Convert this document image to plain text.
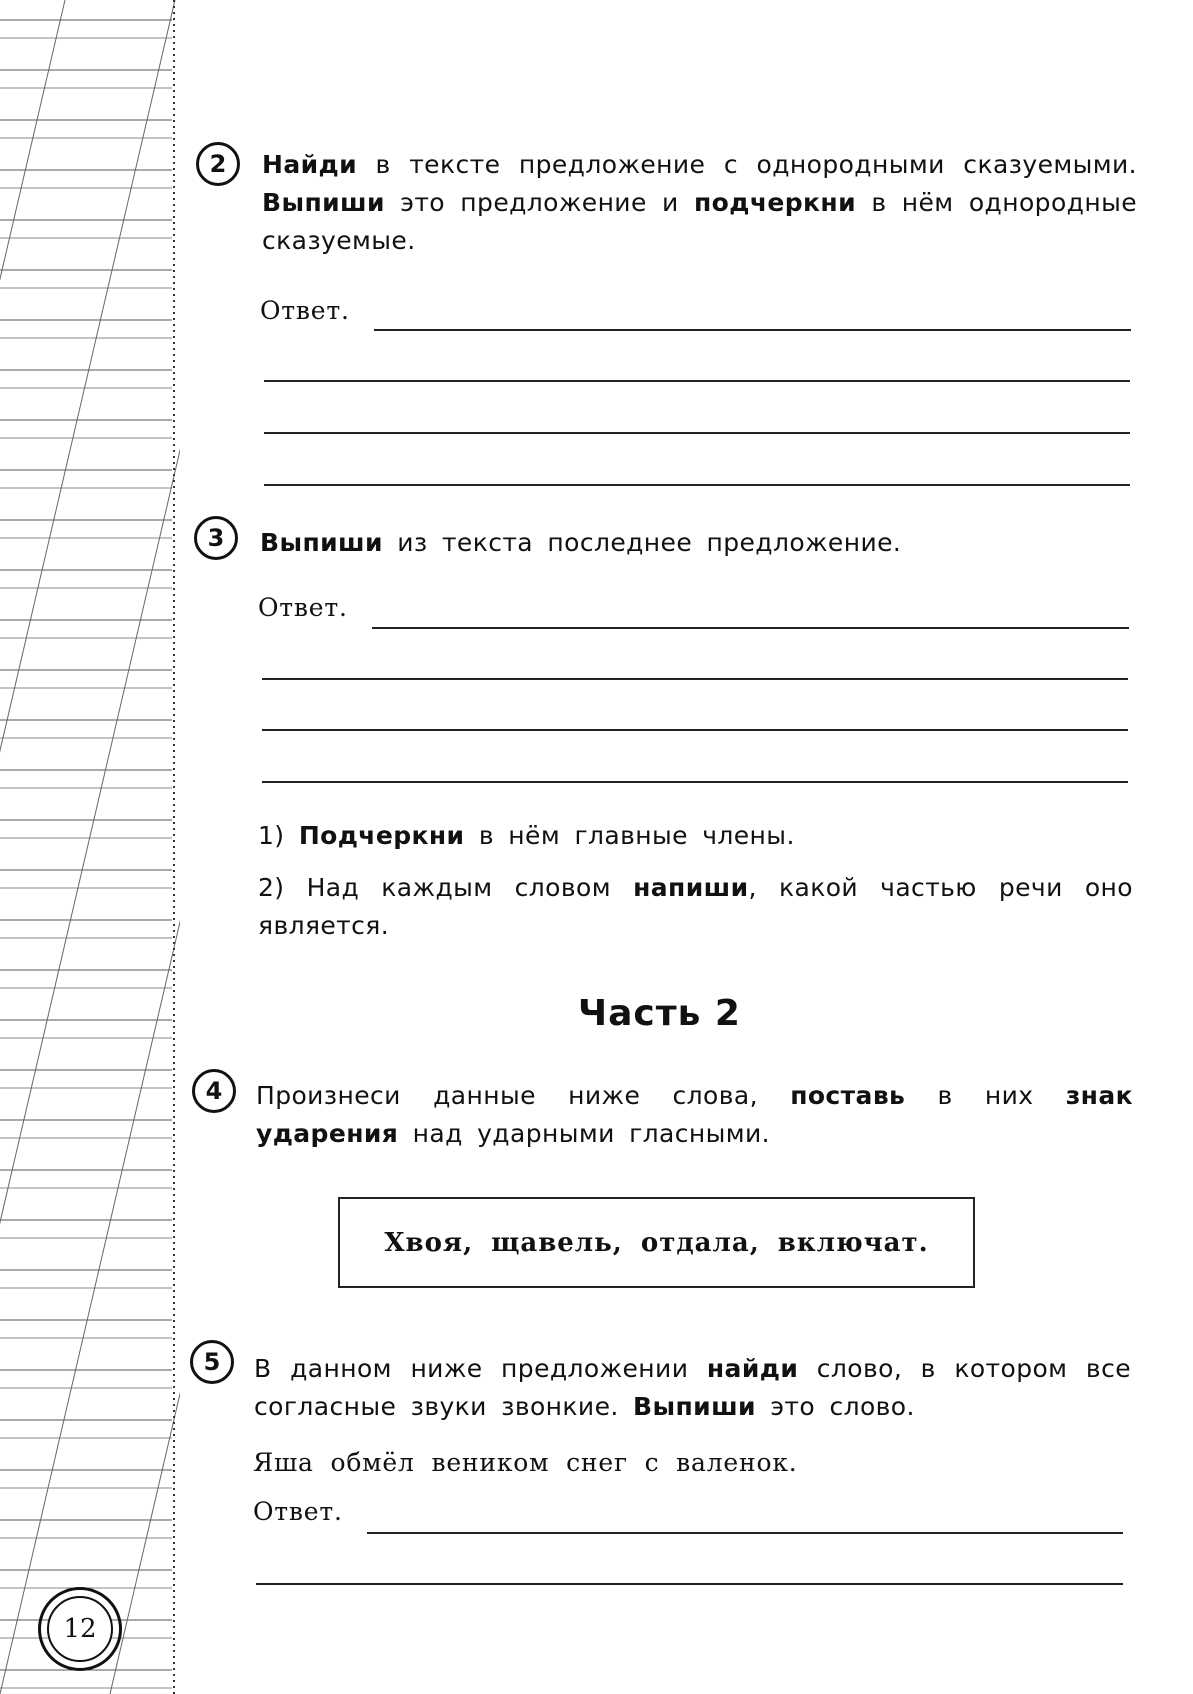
2 Найди в тексте предложение с однородными сказуемыми. Выпиши это предложение и подчеркни в нём однородные сказуемые.
Ответ.
3 Выпиши из текста последнее предложение.
Ответ.
1) Подчеркни в нём главные члены.
2) Над каждым словом напиши, какой частью речи оно является.
Часть 2
4 Произнеси данные ниже слова, поставь в них знак ударения над ударными гласными.
Хвоя, щавель, отдала, включат.
5 В данном ниже предложении найди слово, в котором все согласные звуки звонкие. Выпиши это слово.
Яша обмёл веником снег с валенок.
Ответ.
12
